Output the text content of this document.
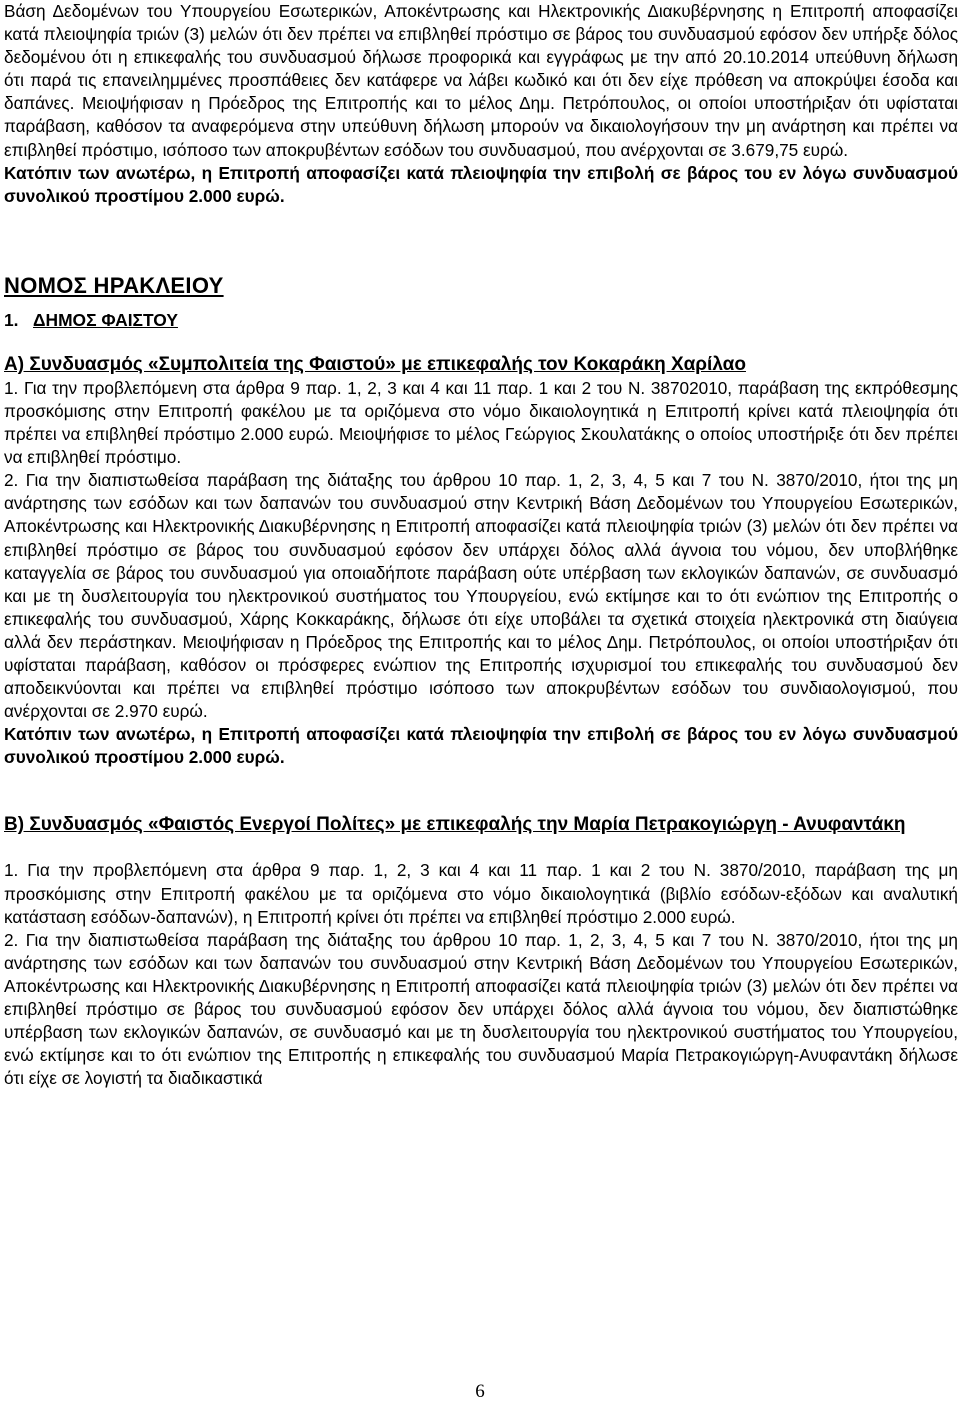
Βάση Δεδομένων του Υπουργείου Εσωτερικών, Αποκέντρωσης και Ηλεκτρονικής Διακυβέρνησης η Επιτροπή αποφασίζει κατά πλειοψηφία τριών (3) μελών ότι δεν πρέπει να επιβληθεί πρόστιμο σε βάρος του συνδυασμού εφόσον δεν υπήρξε δόλος δεδομένου ότι η επικεφαλής του συνδυασμού δήλωσε προφορικά και εγγράφως με την από 20.10.2014 υπεύθυνη δήλωση ότι παρά τις επανειλημμένες προσπάθειες δεν κατάφερε να λάβει κωδικό και ότι δεν είχε πρόθεση να αποκρύψει έσοδα και δαπάνες. Μειοψήφισαν η Πρόεδρος της Επιτροπής και το μέλος Δημ. Πετρόπουλος, οι οποίοι υποστήριξαν ότι υφίσταται παράβαση, καθόσον τα αναφερόμενα στην υπεύθυνη δήλωση μπορούν να δικαιολογήσουν την μη ανάρτηση και πρέπει να επιβληθεί πρόστιμο, ισόποσο των αποκρυβέντων εσόδων του συνδυασμού, που ανέρχονται σε 3.679,75 ευρώ.

Κατόπιν των ανωτέρω, η Επιτροπή αποφασίζει κατά πλειοψηφία την επιβολή σε βάρος του εν λόγω συνδυασμού συνολικού προστίμου 2.000 ευρώ.

ΝΟΜΟΣ ΗΡΑΚΛΕΙΟΥ
1. ΔΗΜΟΣ ΦΑΙΣΤΟΥ
Α) Συνδυασμός «Συμπολιτεία της Φαιστού» με επικεφαλής τον Κοκαράκη Χαρίλαο

1. Για την προβλεπόμενη στα άρθρα 9 παρ. 1, 2, 3 και 4 και 11 παρ. 1 και 2 του Ν. 38702010, παράβαση της εκπρόθεσμης προσκόμισης στην Επιτροπή φακέλου με τα οριζόμενα στο νόμο δικαιολογητικά η Επιτροπή κρίνει κατά πλειοψηφία ότι πρέπει να επιβληθεί πρόστιμο 2.000 ευρώ. Μειοψήφισε το μέλος Γεώργιος Σκουλατάκης ο οποίος υποστήριξε ότι δεν πρέπει να επιβληθεί πρόστιμο.

2. Για την διαπιστωθείσα παράβαση της διάταξης του άρθρου 10 παρ. 1, 2, 3, 4, 5 και 7 του Ν. 3870/2010, ήτοι της μη ανάρτησης των εσόδων και των δαπανών του συνδυασμού στην Κεντρική Βάση Δεδομένων του Υπουργείου Εσωτερικών, Αποκέντρωσης και Ηλεκτρονικής Διακυβέρνησης η Επιτροπή αποφασίζει κατά πλειοψηφία τριών (3) μελών ότι δεν πρέπει να επιβληθεί πρόστιμο σε βάρος του συνδυασμού εφόσον δεν υπάρχει δόλος αλλά άγνοια του νόμου, δεν υποβλήθηκε καταγγελία σε βάρος του συνδυασμού για οποιαδήποτε παράβαση ούτε υπέρβαση των εκλογικών δαπανών, σε συνδυασμό και με τη δυσλειτουργία του ηλεκτρονικού συστήματος του Υπουργείου, ενώ εκτίμησε και το ότι ενώπιον της Επιτροπής ο επικεφαλής του συνδυασμού, Χάρης Κοκκαράκης, δήλωσε ότι είχε υποβάλει τα σχετικά στοιχεία ηλεκτρονικά στη διαύγεια αλλά δεν περάστηκαν. Μειοψήφισαν η Πρόεδρος της Επιτροπής και το μέλος Δημ. Πετρόπουλος, οι οποίοι υποστήριξαν ότι υφίσταται παράβαση, καθόσον οι πρόσφερες ενώπιον της Επιτροπής ισχυρισμοί του επικεφαλής του συνδυασμού δεν αποδεικνύονται και πρέπει να επιβληθεί πρόστιμο ισόποσο των αποκρυβέντων εσόδων του συνδιαολογισμού, που ανέρχονται σε 2.970 ευρώ.

Κατόπιν των ανωτέρω, η Επιτροπή αποφασίζει κατά πλειοψηφία την επιβολή σε βάρος του εν λόγω συνδυασμού συνολικού προστίμου 2.000 ευρώ.

Β) Συνδυασμός «Φαιστός Ενεργοί Πολίτες» με επικεφαλής την Μαρία Πετρακογιώργη - Ανυφαντάκη

1. Για την προβλεπόμενη στα άρθρα 9 παρ. 1, 2, 3 και 4 και 11 παρ. 1 και 2 του Ν. 3870/2010, παράβαση της μη προσκόμισης στην Επιτροπή φακέλου με τα οριζόμενα στο νόμο δικαιολογητικά (βιβλίο εσόδων-εξόδων και αναλυτική κατάσταση εσόδων-δαπανών), η Επιτροπή κρίνει ότι πρέπει να επιβληθεί πρόστιμο 2.000 ευρώ.

2. Για την διαπιστωθείσα παράβαση της διάταξης του άρθρου 10 παρ. 1, 2, 3, 4, 5 και 7 του Ν. 3870/2010, ήτοι της μη ανάρτησης των εσόδων και των δαπανών του συνδυασμού στην Κεντρική Βάση Δεδομένων του Υπουργείου Εσωτερικών, Αποκέντρωσης και Ηλεκτρονικής Διακυβέρνησης η Επιτροπή αποφασίζει κατά πλειοψηφία τριών (3) μελών ότι δεν πρέπει να επιβληθεί πρόστιμο σε βάρος του συνδυασμού εφόσον δεν υπάρχει δόλος αλλά άγνοια του νόμου, δεν διαπιστώθηκε υπέρβαση των εκλογικών δαπανών, σε συνδυασμό και με τη δυσλειτουργία του ηλεκτρονικού συστήματος του Υπουργείου, ενώ εκτίμησε και το ότι ενώπιον της Επιτροπής η επικεφαλής του συνδυασμού Μαρία Πετρακογιώργη-Ανυφαντάκη δήλωσε ότι είχε σε λογιστή τα διαδικαστικά

6
